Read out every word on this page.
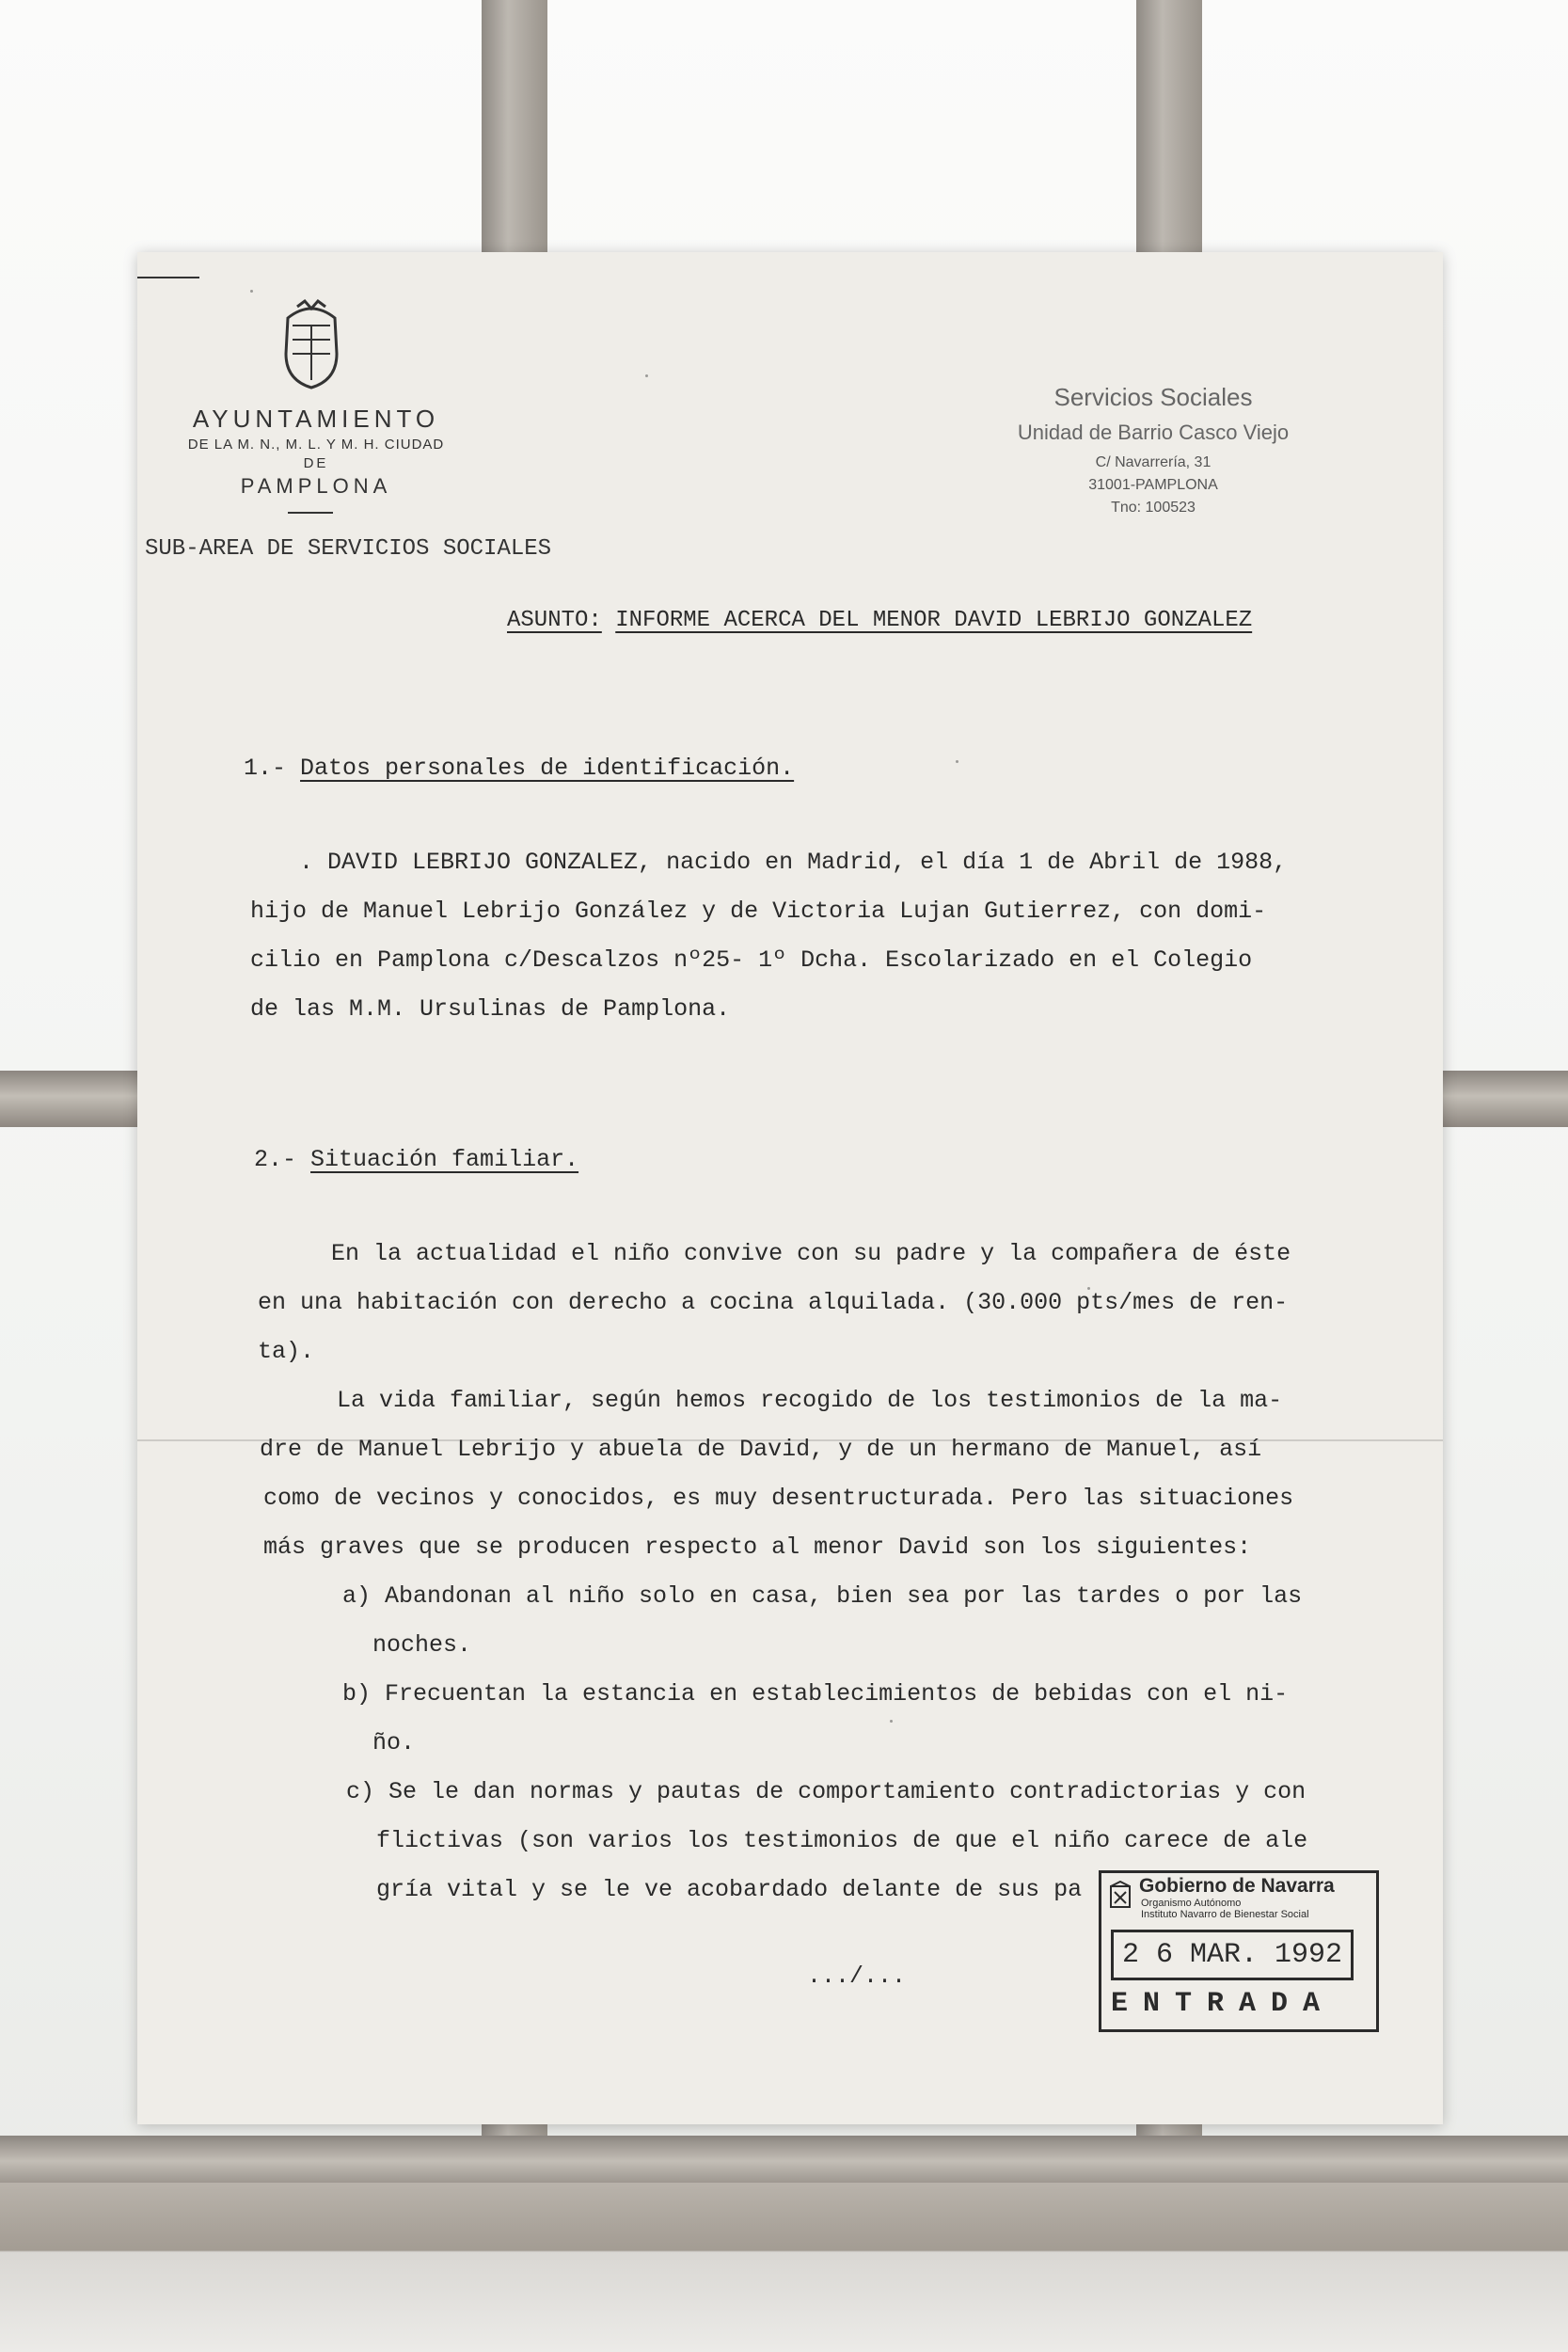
AYUNTAMIENTO
DE LA M. N., M. L. Y M. H. CIUDAD
DE
PAMPLONA
SUB-AREA DE SERVICIOS SOCIALES
Servicios Sociales
Unidad de Barrio Casco Viejo
C/ Navarrería, 31
31001-PAMPLONA
Tno: 100523
ASUNTO: INFORME ACERCA DEL MENOR DAVID LEBRIJO GONZALEZ
1.- Datos personales de identificación.
. DAVID LEBRIJO GONZALEZ, nacido en Madrid, el día 1 de Abril de 1988,
hijo de Manuel Lebrijo González y de Victoria Lujan Gutierrez, con domi-
cilio en Pamplona c/Descalzos nº25- 1º Dcha. Escolarizado en el Colegio
de las M.M. Ursulinas de Pamplona.
2.- Situación familiar.
En la actualidad el niño convive con su padre y la compañera de éste
en una habitación con derecho a cocina alquilada. (30.000 pts/mes de ren-
ta).
La vida familiar, según hemos recogido de los testimonios de la ma-
dre de Manuel Lebrijo y abuela de David, y de un hermano de Manuel, así
como de vecinos y conocidos, es muy desentructurada. Pero las situaciones
más graves que se producen respecto al menor David son los siguientes:
a) Abandonan al niño solo en casa, bien sea por las tardes o por las
noches.
b) Frecuentan la estancia en establecimientos de bebidas con el ni-
ño.
c) Se le dan normas y pautas de comportamiento contradictorias y con
flictivas (son varios los testimonios de que el niño carece de ale
gría vital y se le ve acobardado delante de sus pa
.../...
Gobierno de Navarra
Organismo Autónomo
Instituto Navarro de Bienestar Social
2 6 MAR. 1992
ENTRADA
